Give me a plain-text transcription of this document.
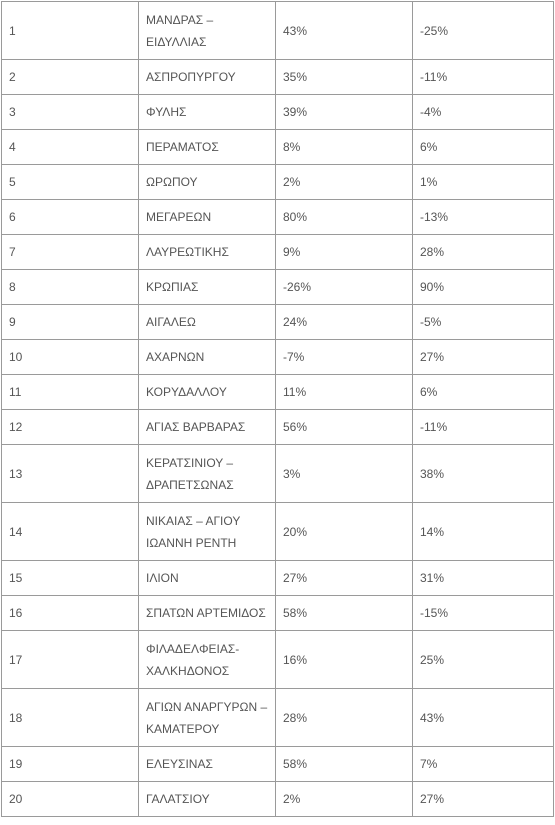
1	ΜΑΝΔΡΑΣ – ΕΙΔΥΛΛΙΑΣ	43%	-25%
2	ΑΣΠΡΟΠΥΡΓΟΥ	35%	-11%
3	ΦΥΛΗΣ	39%	-4%
4	ΠΕΡΑΜΑΤΟΣ	8%	6%
5	ΩΡΩΠΟΥ	2%	1%
6	ΜΕΓΑΡΕΩΝ	80%	-13%
7	ΛΑΥΡΕΩΤΙΚΗΣ	9%	28%
8	ΚΡΩΠΙΑΣ	-26%	90%
9	ΑΙΓΑΛΕΩ	24%	-5%
10	ΑΧΑΡΝΩΝ	-7%	27%
11	ΚΟΡΥΔΑΛΛΟΥ	11%	6%
12	ΑΓΙΑΣ ΒΑΡΒΑΡΑΣ	56%	-11%
13	ΚΕΡΑΤΣΙΝΙΟΥ – ΔΡΑΠΕΤΣΩΝΑΣ	3%	38%
14	ΝΙΚΑΙΑΣ – ΑΓΙΟΥ ΙΩΑΝΝΗ ΡΕΝΤΗ	20%	14%
15	ΙΛΙΟΝ	27%	31%
16	ΣΠΑΤΩΝ ΑΡΤΕΜΙΔΟΣ	58%	-15%
17	ΦΙΛΑΔΕΛΦΕΙΑΣ-ΧΑΛΚΗΔΟΝΟΣ	16%	25%
18	ΑΓΙΩΝ ΑΝΑΡΓΥΡΩΝ – ΚΑΜΑΤΕΡΟΥ	28%	43%
19	ΕΛΕΥΣΙΝΑΣ	58%	7%
20	ΓΑΛΑΤΣΙΟΥ	2%	27%
